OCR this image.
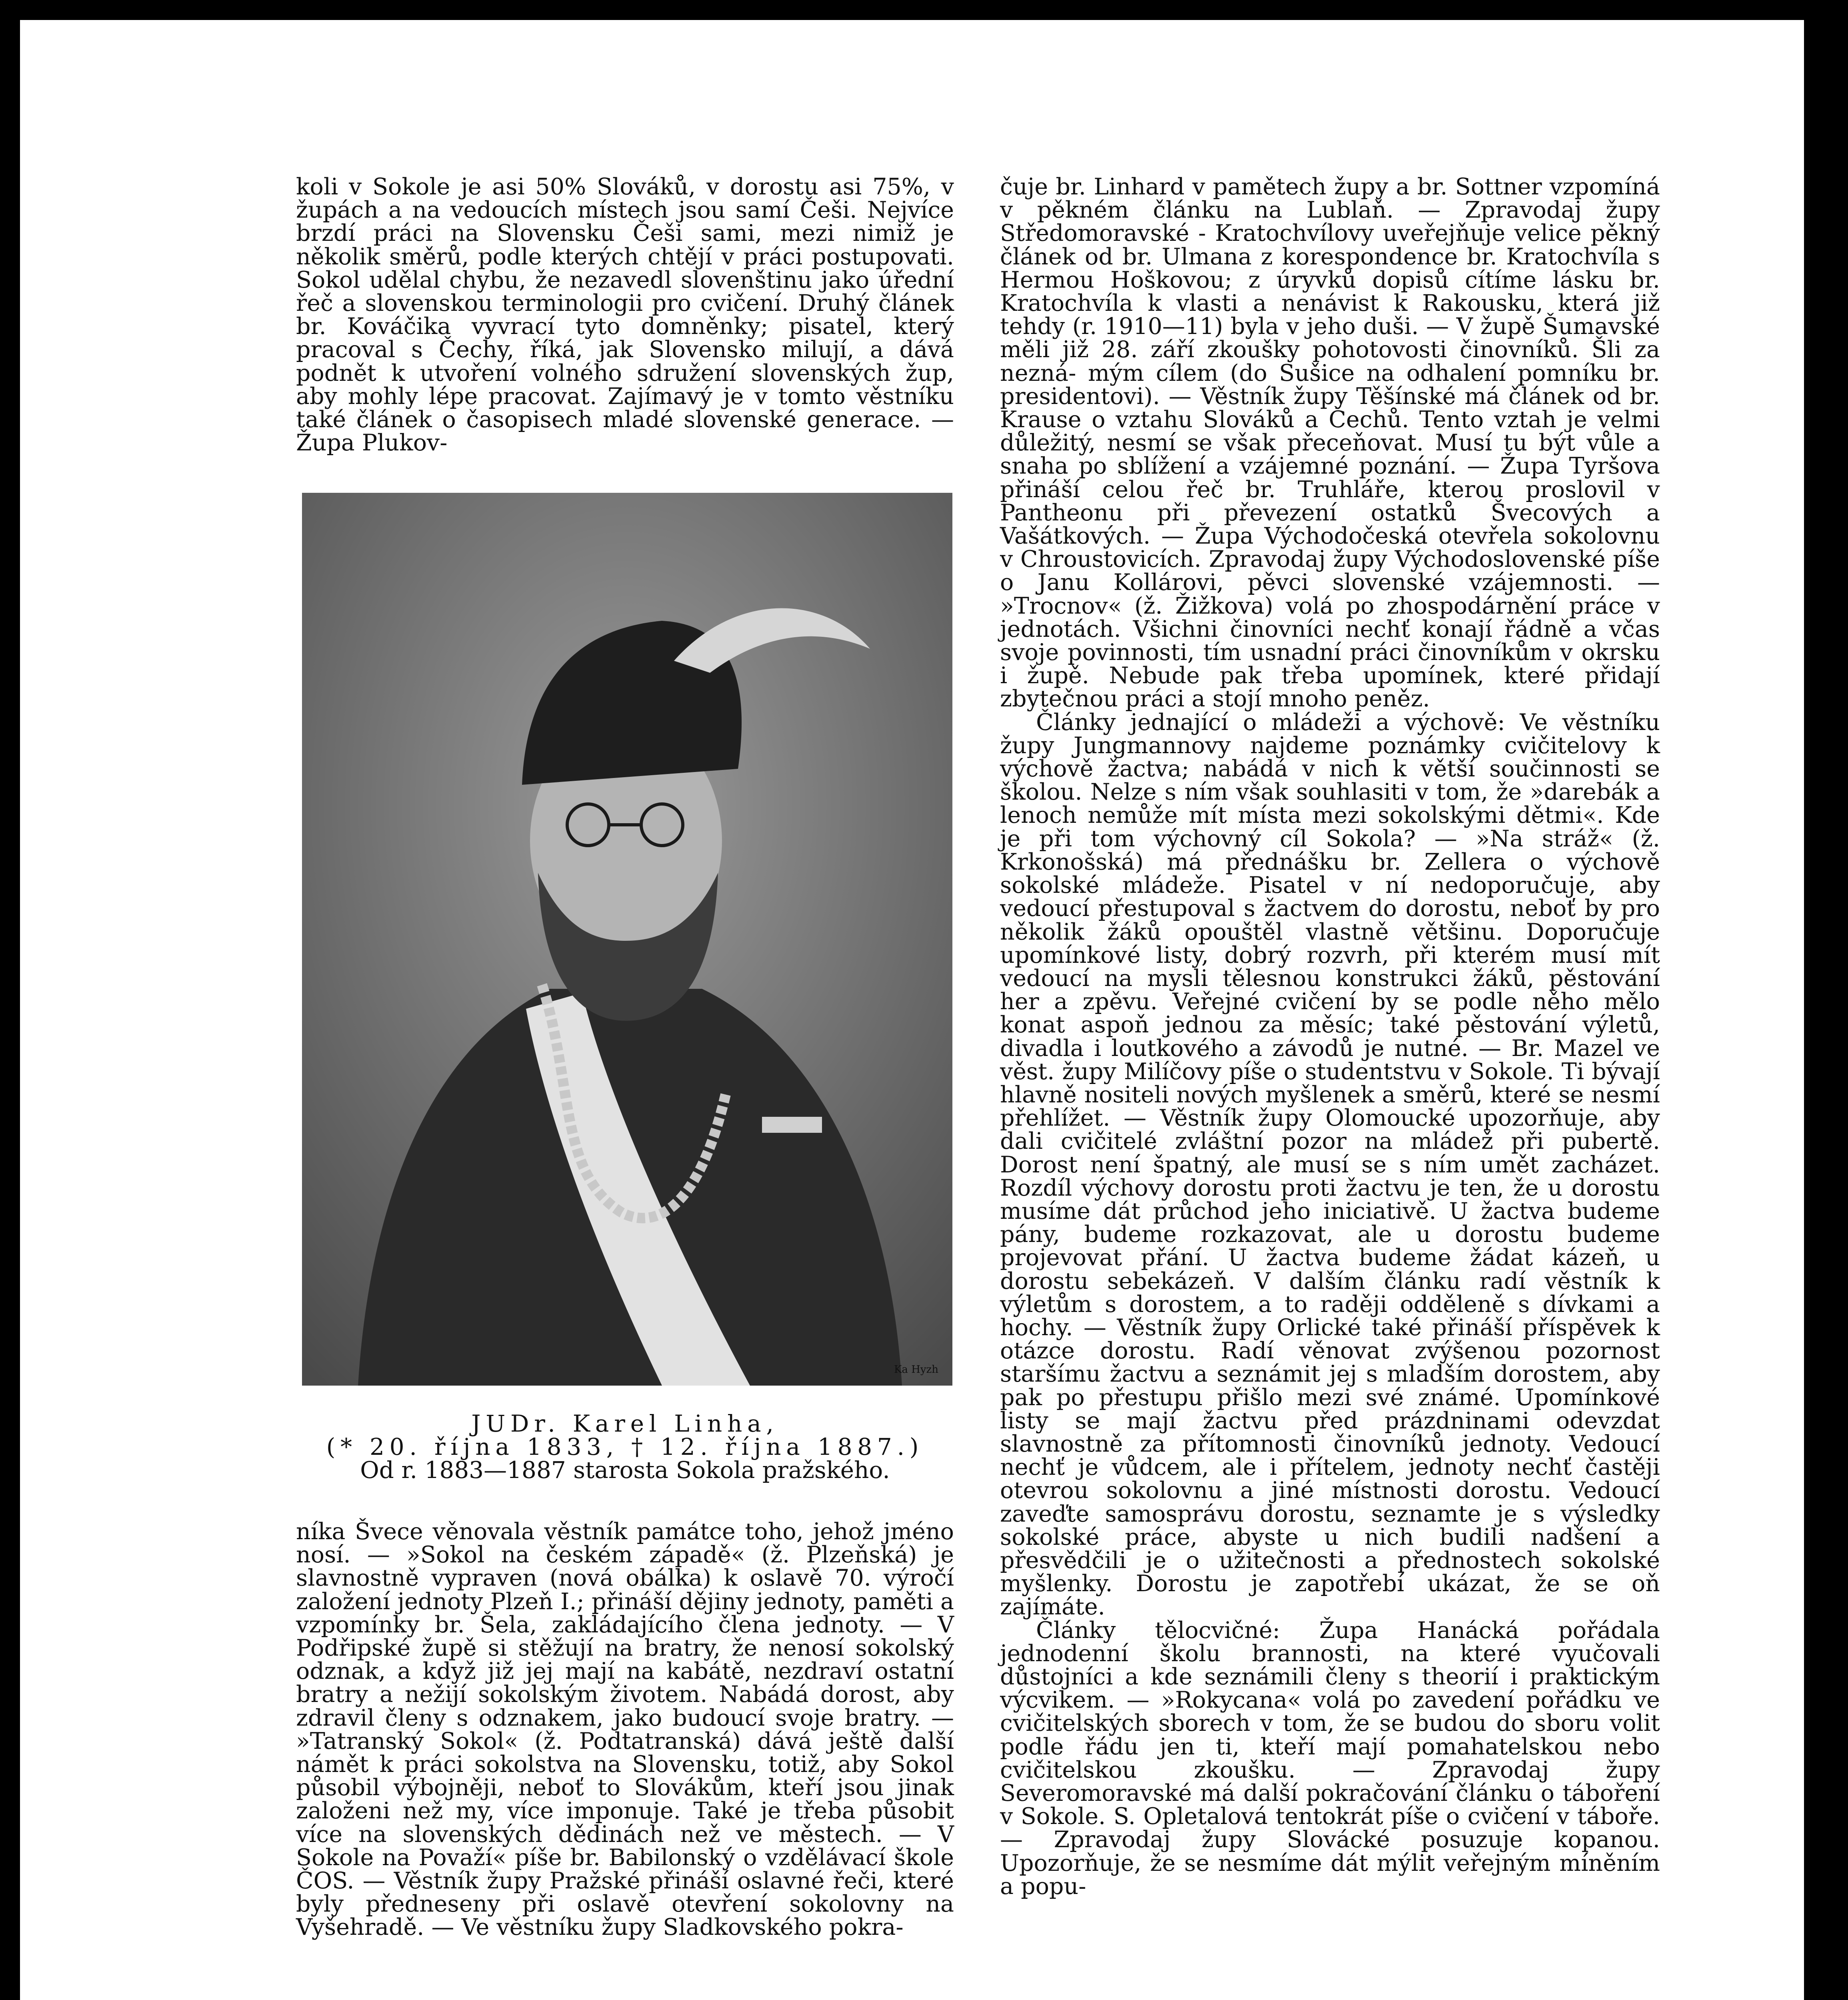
koli v Sokole je asi 50% Slováků, v dorostu asi 75%, v župách a na vedoucích místech jsou samí Češi. Nejvíce brzdí práci na Slovensku Češi sami, mezi nimiž je několik směrů, podle kterých chtějí v práci postupovati. Sokol udělal chybu, že nezavedl slovenštinu jako úřední řeč a slovenskou terminologii pro cvičení. Druhý článek br. Kováčika vyvrací tyto domněnky; pisatel, který pracoval s Čechy, říká, jak Slovensko milují, a dává podnět k utvoření volného sdružení slovenských žup, aby mohly lépe pracovat. Zajímavý je v tomto věstníku také článek o časopisech mladé slovenské generace. — Župa Plukov-

Ka Hyzh
JUDr. Karel Linha,
(* 20. října 1833, † 12. října 1887.)
Od r. 1883—1887 starosta Sokola pražského.

níka Švece věnovala věstník památce toho, jehož jméno nosí. — »Sokol na českém západě« (ž. Plzeňská) je slavnostně vypraven (nová obálka) k oslavě 70. výročí založení jednoty Plzeň I.; přináší dějiny jednoty, paměti a vzpomínky br. Šela, zakládajícího člena jednoty. — V Podřipské župě si stěžují na bratry, že nenosí sokolský odznak, a když již jej mají na kabátě, nezdraví ostatní bratry a nežijí sokolským životem. Nabádá dorost, aby zdravil členy s odznakem, jako budoucí svoje bratry. — »Tatranský Sokol« (ž. Podtatranská) dává ještě další námět k práci sokolstva na Slovensku, totiž, aby Sokol působil výbojněji, neboť to Slovákům, kteří jsou jinak založeni než my, více imponuje. Také je třeba působit více na slovenských dědinách než ve městech. — V Sokole na Považí« píše br. Babilonský o vzdělávací škole ČOS. — Věstník župy Pražské přináší oslavné řeči, které byly předneseny při oslavě otevření sokolovny na Vyšehradě. — Ve věstníku župy Sladkovského pokra-

čuje br. Linhard v pamětech župy a br. Sottner vzpomíná v pěkném článku na Lublaň. — Zpravodaj župy Středomoravské - Kratochvílovy uveřejňuje velice pěkný článek od br. Ulmana z korespondence br. Kratochvíla s Hermou Hoškovou; z úryvků dopisů cítíme lásku br. Kratochvíla k vlasti a nenávist k Rakousku, která již tehdy (r. 1910—11) byla v jeho duši. — V župě Šumavské měli již 28. září zkoušky pohotovosti činovníků. Šli za nezná- mým cílem (do Sušice na odhalení pomníku br. presidentovi). — Věstník župy Těšínské má článek od br. Krause o vztahu Slováků a Čechů. Tento vztah je velmi důležitý, nesmí se však přeceňovat. Musí tu být vůle a snaha po sblížení a vzájemné poznání. — Župa Tyršova přináší celou řeč br. Truhláře, kterou proslovil v Pantheonu při převezení ostatků Švecových a Vašátkových. — Župa Východočeská otevřela sokolovnu v Chroustovicích. Zpravodaj župy Východoslovenské píše o Janu Kollárovi, pěvci slovenské vzájemnosti. — »Trocnov« (ž. Žižkova) volá po zhospodárnění práce v jednotách. Všichni činovníci nechť konají řádně a včas svoje povinnosti, tím usnadní práci činovníkům v okrsku i župě. Nebude pak třeba upomínek, které přidají zbytečnou práci a stojí mnoho peněz.

Články jednající o mládeži a výchově: Ve věstníku župy Jungmannovy najdeme poznámky cvičitelovy k výchově žactva; nabádá v nich k větší součinnosti se školou. Nelze s ním však souhlasiti v tom, že »darebák a lenoch nemůže mít místa mezi sokolskými dětmi«. Kde je při tom výchovný cíl Sokola? — »Na stráž« (ž. Krkonošská) má přednášku br. Zellera o výchově sokolské mládeže. Pisatel v ní nedoporučuje, aby vedoucí přestupoval s žactvem do dorostu, neboť by pro několik žáků opouštěl vlastně většinu. Doporučuje upomínkové listy, dobrý rozvrh, při kterém musí mít vedoucí na mysli tělesnou konstrukci žáků, pěstování her a zpěvu. Veřejné cvičení by se podle něho mělo konat aspoň jednou za měsíc; také pěstování výletů, divadla i loutkového a závodů je nutné. — Br. Mazel ve věst. župy Milíčovy píše o studentstvu v Sokole. Ti bývají hlavně nositeli nových myšlenek a směrů, které se nesmí přehlížet. — Věstník župy Olomoucké upozorňuje, aby dali cvičitelé zvláštní pozor na mládež při pubertě. Dorost není špatný, ale musí se s ním umět zacházet. Rozdíl výchovy dorostu proti žactvu je ten, že u dorostu musíme dát průchod jeho iniciativě. U žactva budeme pány, budeme rozkazovat, ale u dorostu budeme projevovat přání. U žactva budeme žádat kázeň, u dorostu sebekázeň. V dalším článku radí věstník k výletům s dorostem, a to raději odděleně s dívkami a hochy. — Věstník župy Orlické také přináší příspěvek k otázce dorostu. Radí věnovat zvýšenou pozornost staršímu žactvu a seznámit jej s mladším dorostem, aby pak po přestupu přišlo mezi své známé. Upomínkové listy se mají žactvu před prázdninami odevzdat slavnostně za přítomnosti činovníků jednoty. Vedoucí nechť je vůdcem, ale i přítelem, jednoty nechť častěji otevrou sokolovnu a jiné místnosti dorostu. Vedoucí zaveďte samosprávu dorostu, seznamte je s výsledky sokolské práce, abyste u nich budili nadšení a přesvědčili je o užitečnosti a přednostech sokolské myšlenky. Dorostu je zapotřebí ukázat, že se oň zajímáte.

Články tělocvičné: Župa Hanácká pořádala jednodenní školu brannosti, na které vyučovali důstojníci a kde seznámili členy s theorií i praktickým výcvikem. — »Rokycana« volá po zavedení pořádku ve cvičitelských sborech v tom, že se budou do sboru volit podle řádu jen ti, kteří mají pomahatelskou nebo cvičitelskou zkoušku. — Zpravodaj župy Severomoravské má další pokračování článku o táboření v Sokole. S. Opletalová tentokrát píše o cvičení v táboře. — Zpravodaj župy Slovácké posuzuje kopanou. Upozorňuje, že se nesmíme dát mýlit veřejným míněním a popu-
